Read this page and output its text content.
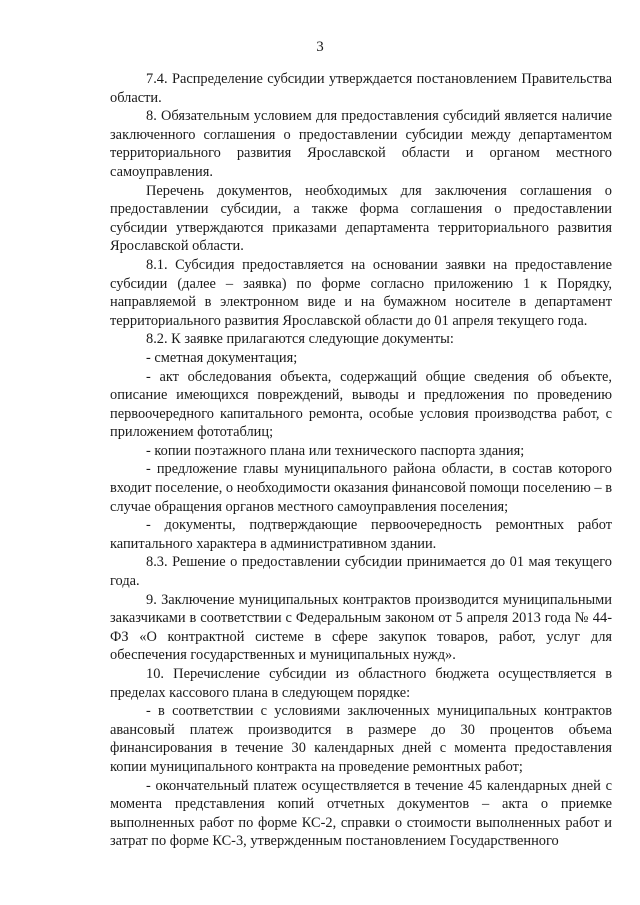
3

7.4. Распределение субсидии утверждается постановлением Правительства области.

8. Обязательным условием для предоставления субсидий является наличие заключенного соглашения о предоставлении субсидии между департаментом территориального развития Ярославской области и органом местного самоуправления.

Перечень документов, необходимых для заключения соглашения о предоставлении субсидии, а также форма соглашения о предоставлении субсидии утверждаются приказами департамента территориального развития Ярославской области.

8.1. Субсидия предоставляется на основании заявки на предоставление субсидии (далее – заявка) по форме согласно приложению 1 к Порядку, направляемой в электронном виде и на бумажном носителе в департамент территориального развития Ярославской области до 01 апреля текущего года.

8.2. К заявке прилагаются следующие документы:

- сметная документация;

- акт обследования объекта, содержащий общие сведения об объекте, описание имеющихся повреждений, выводы и предложения по проведению первоочередного капитального ремонта, особые условия производства работ, с приложением фототаблиц;

- копии поэтажного плана или технического паспорта здания;

- предложение главы муниципального района области, в состав которого входит поселение, о необходимости оказания финансовой помощи поселению – в случае обращения органов местного самоуправления поселения;

- документы, подтверждающие первоочередность ремонтных работ капитального характера в административном здании.

8.3. Решение о предоставлении субсидии принимается до 01 мая текущего года.

9. Заключение муниципальных контрактов производится муниципальными заказчиками в соответствии с Федеральным законом от 5 апреля 2013 года № 44-ФЗ «О контрактной системе в сфере закупок товаров, работ, услуг для обеспечения государственных и муниципальных нужд».

10. Перечисление субсидии из областного бюджета осуществляется в пределах кассового плана в следующем порядке:

- в соответствии с условиями заключенных муниципальных контрактов авансовый платеж производится в размере до 30 процентов объема финансирования в течение 30 календарных дней с момента предоставления копии муниципального контракта на проведение ремонтных работ;

- окончательный платеж осуществляется в течение 45 календарных дней с момента представления копий отчетных документов – акта о приемке выполненных работ по форме КС-2, справки о стоимости выполненных работ и затрат по форме КС-3, утвержденным постановлением Государственного
